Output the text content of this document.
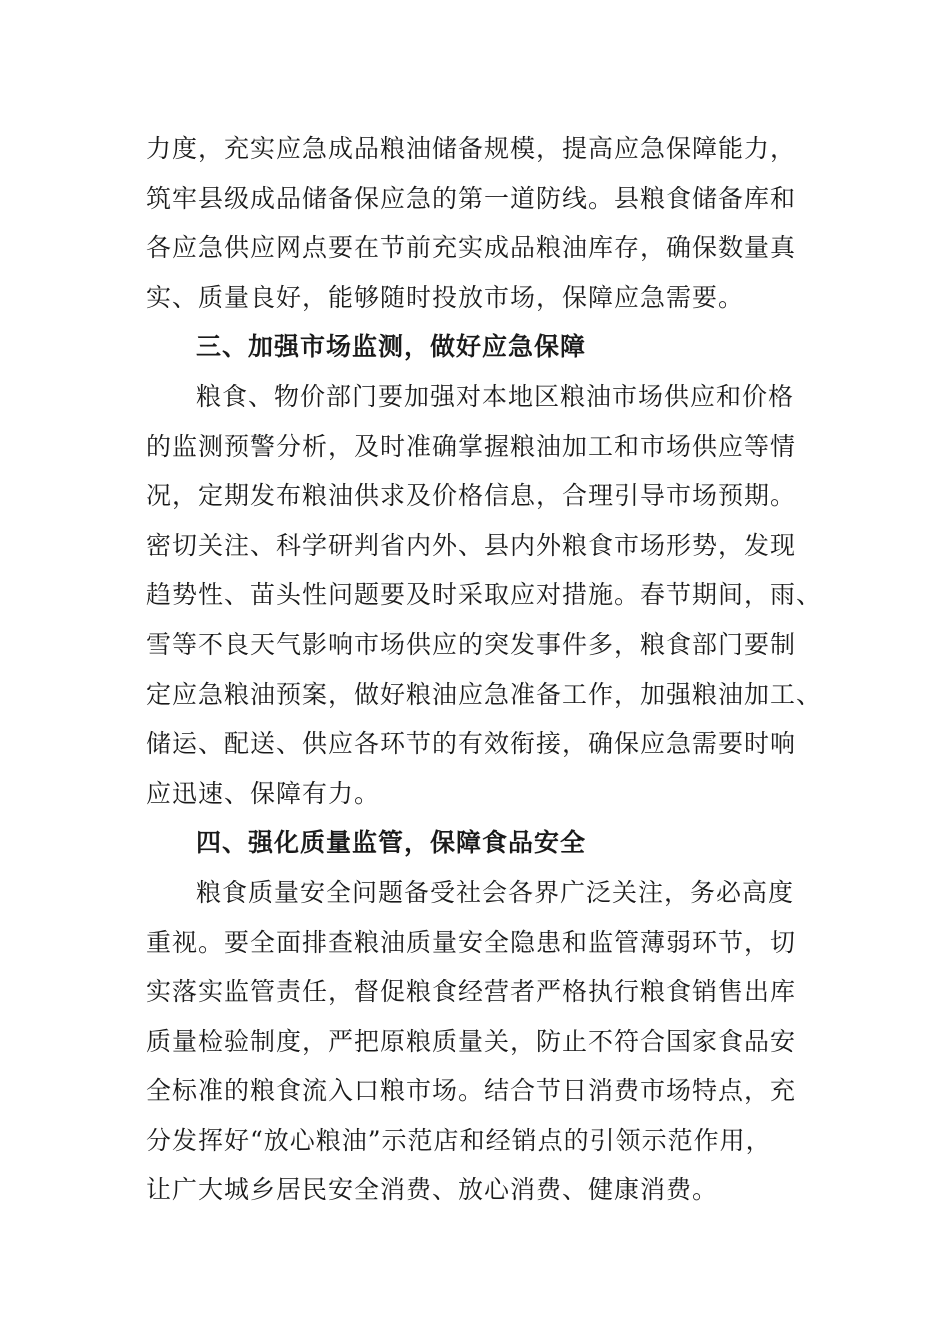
力度，充实应急成品粮油储备规模，提高应急保障能力，
筑牢县级成品储备保应急的第一道防线。县粮食储备库和
各应急供应网点要在节前充实成品粮油库存，确保数量真
实、质量良好，能够随时投放市场，保障应急需要。
三、加强市场监测，做好应急保障
粮食、物价部门要加强对本地区粮油市场供应和价格
的监测预警分析，及时准确掌握粮油加工和市场供应等情
况，定期发布粮油供求及价格信息，合理引导市场预期。
密切关注、科学研判省内外、县内外粮食市场形势，发现
趋势性、苗头性问题要及时采取应对措施。春节期间，雨、
雪等不良天气影响市场供应的突发事件多，粮食部门要制
定应急粮油预案，做好粮油应急准备工作，加强粮油加工、
储运、配送、供应各环节的有效衔接，确保应急需要时响
应迅速、保障有力。
四、强化质量监管，保障食品安全
粮食质量安全问题备受社会各界广泛关注，务必高度
重视。要全面排查粮油质量安全隐患和监管薄弱环节，切
实落实监管责任，督促粮食经营者严格执行粮食销售出库
质量检验制度，严把原粮质量关，防止不符合国家食品安
全标准的粮食流入口粮市场。结合节日消费市场特点，充
分发挥好“放心粮油”示范店和经销点的引领示范作用，
让广大城乡居民安全消费、放心消费、健康消费。
